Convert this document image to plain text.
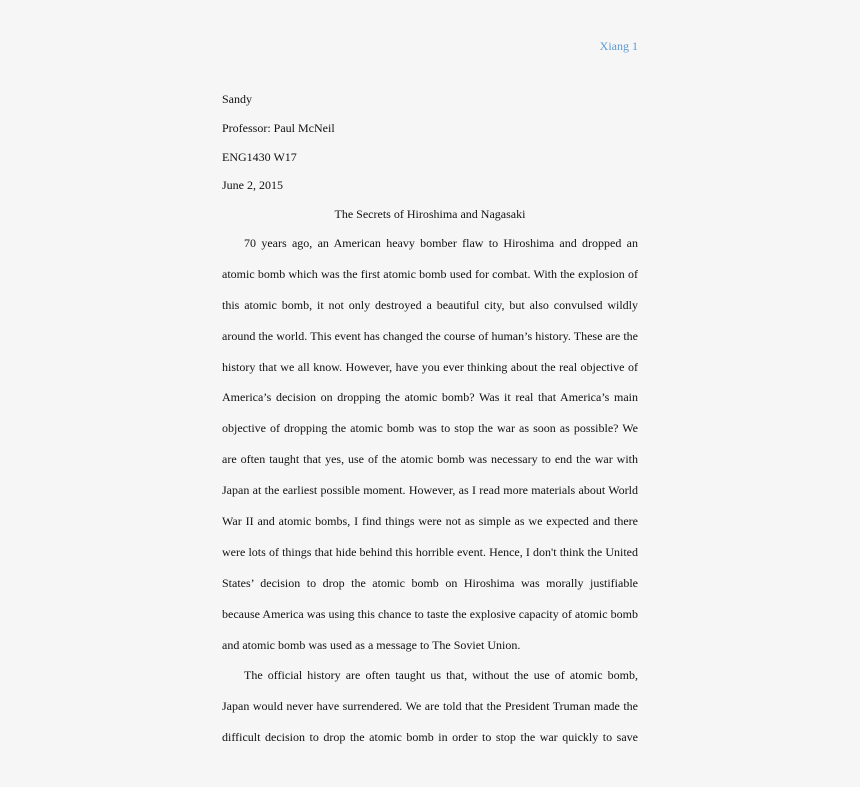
Xiang 1
Sandy
Professor: Paul McNeil
ENG1430 W17
June 2, 2015
The Secrets of Hiroshima and Nagasaki
70 years ago, an American heavy bomber flaw to Hiroshima and dropped an
atomic bomb which was the first atomic bomb used for combat. With the explosion of
this atomic bomb, it not only destroyed a beautiful city, but also convulsed wildly
around the world. This event has changed the course of human’s history. These are the
history that we all know. However, have you ever thinking about the real objective of
America’s decision on dropping the atomic bomb? Was it real that America’s main
objective of dropping the atomic bomb was to stop the war as soon as possible? We
are often taught that yes, use of the atomic bomb was necessary to end the war with
Japan at the earliest possible moment. However, as I read more materials about World
War II and atomic bombs, I find things were not as simple as we expected and there
were lots of things that hide behind this horrible event. Hence, I don't think the United
States’ decision to drop the atomic bomb on Hiroshima was morally justifiable
because America was using this chance to taste the explosive capacity of atomic bomb
and atomic bomb was used as a message to The Soviet Union.
The official history are often taught us that, without the use of atomic bomb,
Japan would never have surrendered. We are told that the President Truman made the
difficult decision to drop the atomic bomb in order to stop the war quickly to save
